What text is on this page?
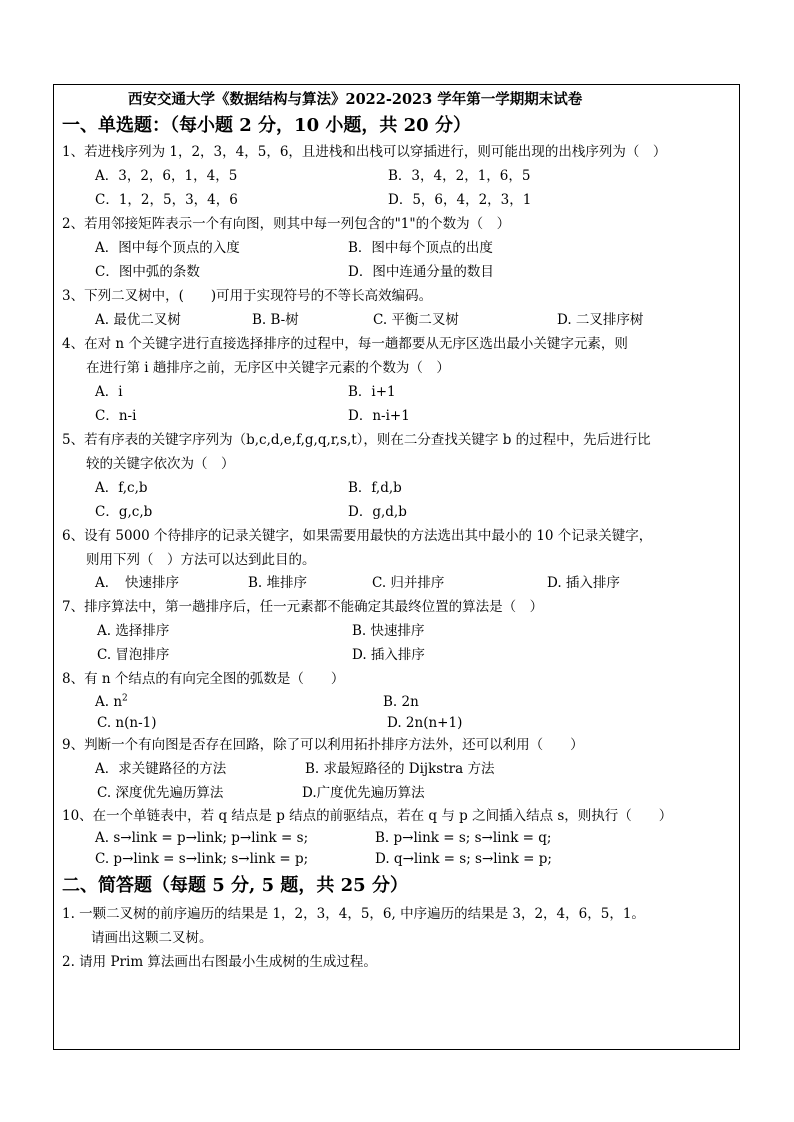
西安交通大学《数据结构与算法》2022-2023 学年第一学期期末试卷
一、单选题：（每小题 2 分，10 小题，共 20 分）
1、若进栈序列为 1，2，3，4，5，6，且进栈和出栈可以穿插进行，则可能出现的出栈序列为（　）
A．3，2，6，1，4，5	B．3，4，2，1，6，5
C．1，2，5，3，4，6	D．5，6，4，2，3，1
2、若用邻接矩阵表示一个有向图，则其中每一列包含的"1"的个数为（　）
A．图中每个顶点的入度	B．图中每个顶点的出度
C．图中弧的条数	D．图中连通分量的数目
3、下列二叉树中，(　　)可用于实现符号的不等长高效编码。
A. 最优二叉树	B. B-树	C. 平衡二叉树	D. 二叉排序树
4、在对 n 个关键字进行直接选择排序的过程中，每一趟都要从无序区选出最小关键字元素，则
在进行第 i 趟排序之前，无序区中关键字元素的个数为（　）
A．i	B．i+1
C．n-i	D．n-i+1
5、若有序表的关键字序列为（b,c,d,e,f,g,q,r,s,t），则在二分查找关键字 b 的过程中，先后进行比
较的关键字依次为（　）
A．f,c,b	B．f,d,b
C．g,c,b	D．g,d,b
6、设有 5000 个待排序的记录关键字，如果需要用最快的方法选出其中最小的 10 个记录关键字，
则用下列（　）方法可以达到此目的。
A．　快速排序	B. 堆排序	C. 归并排序	D. 插入排序
7、排序算法中，第一趟排序后，任一元素都不能确定其最终位置的算法是（　）
A. 选择排序	B. 快速排序
C. 冒泡排序	D. 插入排序
8、有 n 个结点的有向完全图的弧数是（　　）
A. $n^2$	B. 2n
C. n(n-1)	D. 2n(n+1)
9、判断一个有向图是否存在回路，除了可以利用拓扑排序方法外，还可以利用（　　）
A．求关键路径的方法	B. 求最短路径的 Dijkstra 方法
C. 深度优先遍历算法	D.广度优先遍历算法
10、在一个单链表中，若 q 结点是 p 结点的前驱结点，若在 q 与 p 之间插入结点 s，则执行（　　）
A. s→link = p→link; p→link = s;	B. p→link = s; s→link = q;
C. p→link = s→link; s→link = p;	D. q→link = s; s→link = p;
二、简答题（每题 5 分, 5 题，共 25 分）
1. 一颗二叉树的前序遍历的结果是 1，2，3，4，5，6, 中序遍历的结果是 3，2，4，6，5，1。
请画出这颗二叉树。
2. 请用 Prim 算法画出右图最小生成树的生成过程。
